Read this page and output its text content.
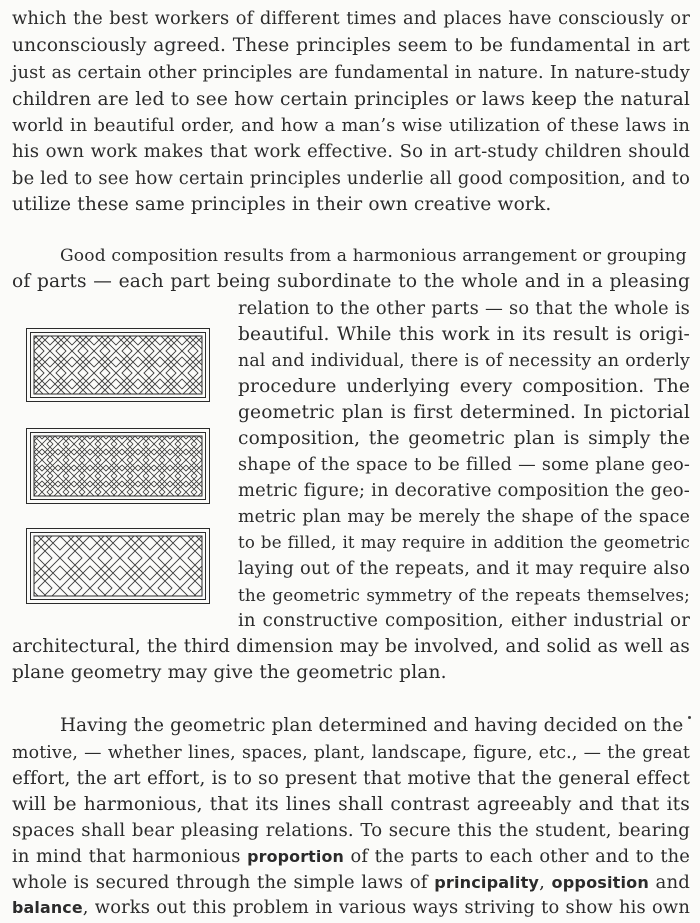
which the best workers of different times and places have consciously or
unconsciously agreed. These principles seem to be fundamental in art
just as certain other principles are fundamental in nature. In nature-study
children are led to see how certain principles or laws keep the natural
world in beautiful order, and how a man’s wise utilization of these laws in
his own work makes that work effective. So in art-study children should
be led to see how certain principles underlie all good composition, and to
utilize these same principles in their own creative work.
Good composition results from a harmonious arrangement or grouping
of parts — each part being subordinate to the whole and in a pleasing
relation to the other parts — so that the whole is
beautiful. While this work in its result is origi-
nal and individual, there is of necessity an orderly
procedure underlying every composition. The
geometric plan is first determined. In pictorial
composition, the geometric plan is simply the
shape of the space to be filled — some plane geo-
metric figure; in decorative composition the geo-
metric plan may be merely the shape of the space
to be filled, it may require in addition the geometric
laying out of the repeats, and it may require also
the geometric symmetry of the repeats themselves;
in constructive composition, either industrial or
architectural, the third dimension may be involved, and solid as well as
plane geometry may give the geometric plan.
Having the geometric plan determined and having decided on the
motive, — whether lines, spaces, plant, landscape, figure, etc., — the great
effort, the art effort, is to so present that motive that the general effect
will be harmonious, that its lines shall contrast agreeably and that its
spaces shall bear pleasing relations. To secure this the student, bearing
in mind that harmonious proportion of the parts to each other and to the
whole is secured through the simple laws of principality, opposition and
balance, works out this problem in various ways striving to show his own
